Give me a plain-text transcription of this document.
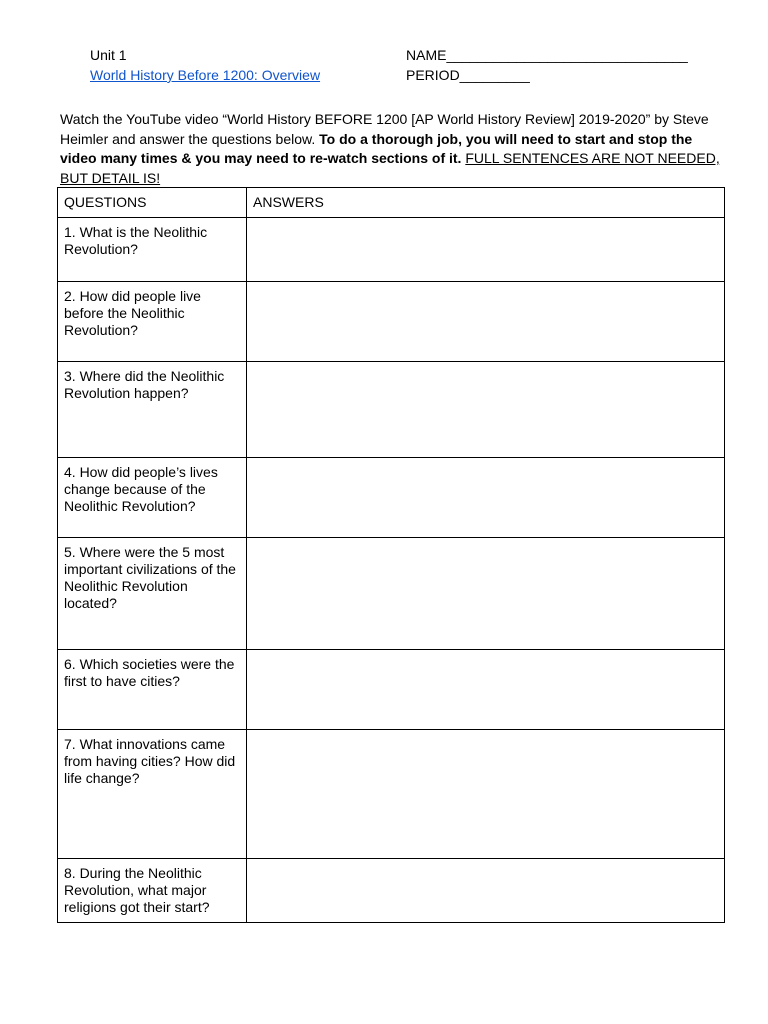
Unit 1
World History Before 1200: Overview
NAME_______________________________
PERIOD_________
Watch the YouTube video “World History BEFORE 1200 [AP World History Review] 2019-2020” by Steve Heimler and answer the questions below. To do a thorough job, you will need to start and stop the video many times & you may need to re-watch sections of it. FULL SENTENCES ARE NOT NEEDED, BUT DETAIL IS!
QUESTIONS	ANSWERS
1. What is the Neolithic Revolution?	
2. How did people live before the Neolithic Revolution?	
3. Where did the Neolithic Revolution happen?	
4. How did people’s lives change because of the Neolithic Revolution?	
5. Where were the 5 most important civilizations of the Neolithic Revolution located?	
6. Which societies were the first to have cities?	
7. What innovations came from having cities? How did life change?	
8. During the Neolithic Revolution, what major religions got their start?	
